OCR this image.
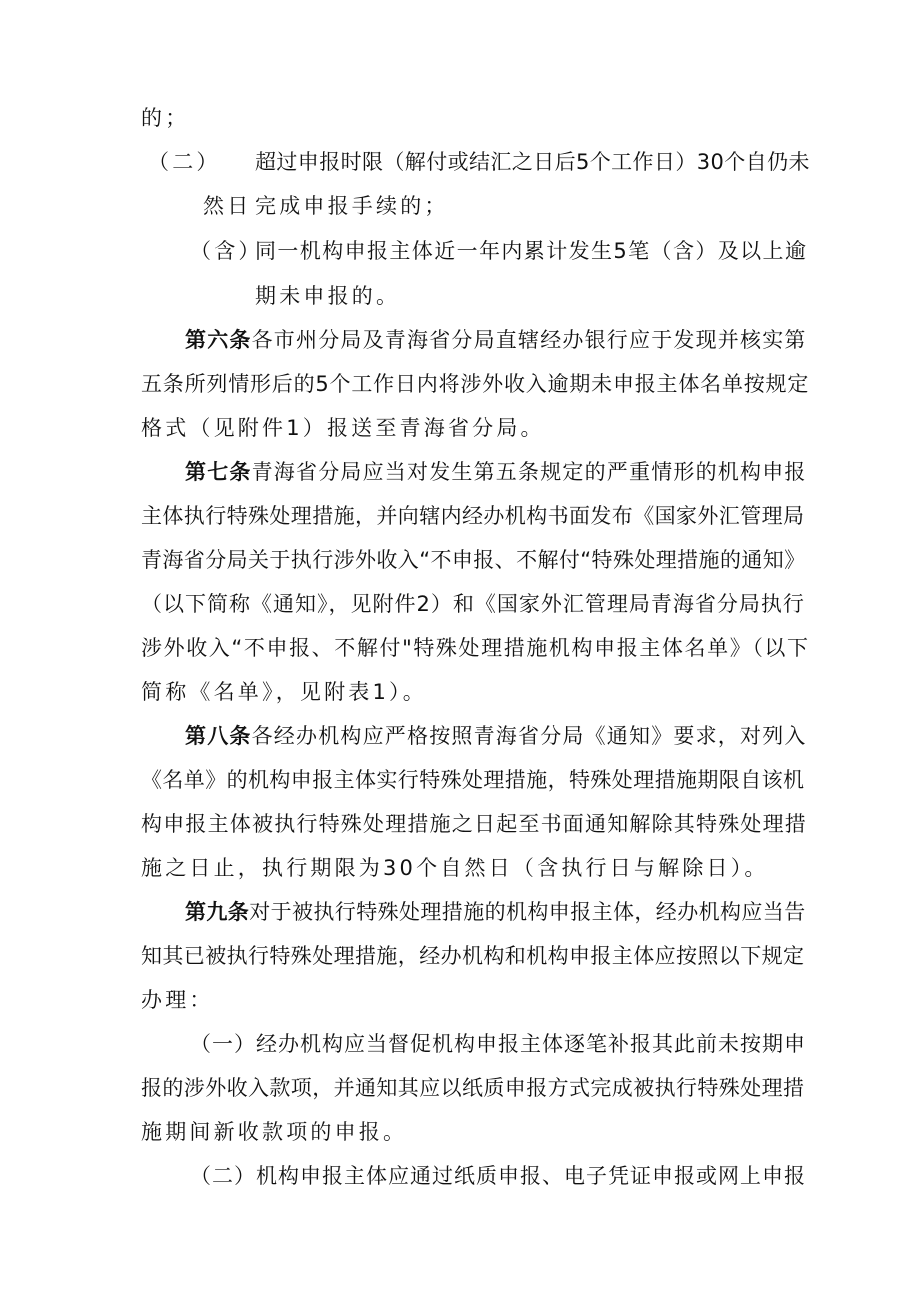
的；
（二） 超过申报时限（解付或结汇之日后5个工作日）30个自仍未
然日 完成申报手续的；
（含）
同一机构申报主体近一年内累计发生5笔（含）及以上逾
期未申报的。
第六条各市州分局及青海省分局直辖经办银行应于发现并核实第
五条所列情形后的5个工作日内将涉外收入逾期未申报主体名单按规定
格式（见附件1）报送至青海省分局。
第七条青海省分局应当对发生第五条规定的严重情形的机构申报
主体执行特殊处理措施，并向辖内经办机构书面发布《国家外汇管理局
青海省分局关于执行涉外收入“不申报、不解付“特殊处理措施的通知》
（以下简称《通知》，见附件2）和《国家外汇管理局青海省分局执行
涉外收入“不申报、不解付"特殊处理措施机构申报主体名单》（以下
简称《名单》，见附表1）。
第八条各经办机构应严格按照青海省分局《通知》要求，对列入
《名单》的机构申报主体实行特殊处理措施，特殊处理措施期限自该机
构申报主体被执行特殊处理措施之日起至书面通知解除其特殊处理措
施之日止，执行期限为30个自然日（含执行日与解除日）。
第九条对于被执行特殊处理措施的机构申报主体，经办机构应当告
知其已被执行特殊处理措施，经办机构和机构申报主体应按照以下规定
办理：
（一）经办机构应当督促机构申报主体逐笔补报其此前未按期申
报的涉外收入款项，并通知其应以纸质申报方式完成被执行特殊处理措
施期间新收款项的申报。
（二）机构申报主体应通过纸质申报、电子凭证申报或网上申报
